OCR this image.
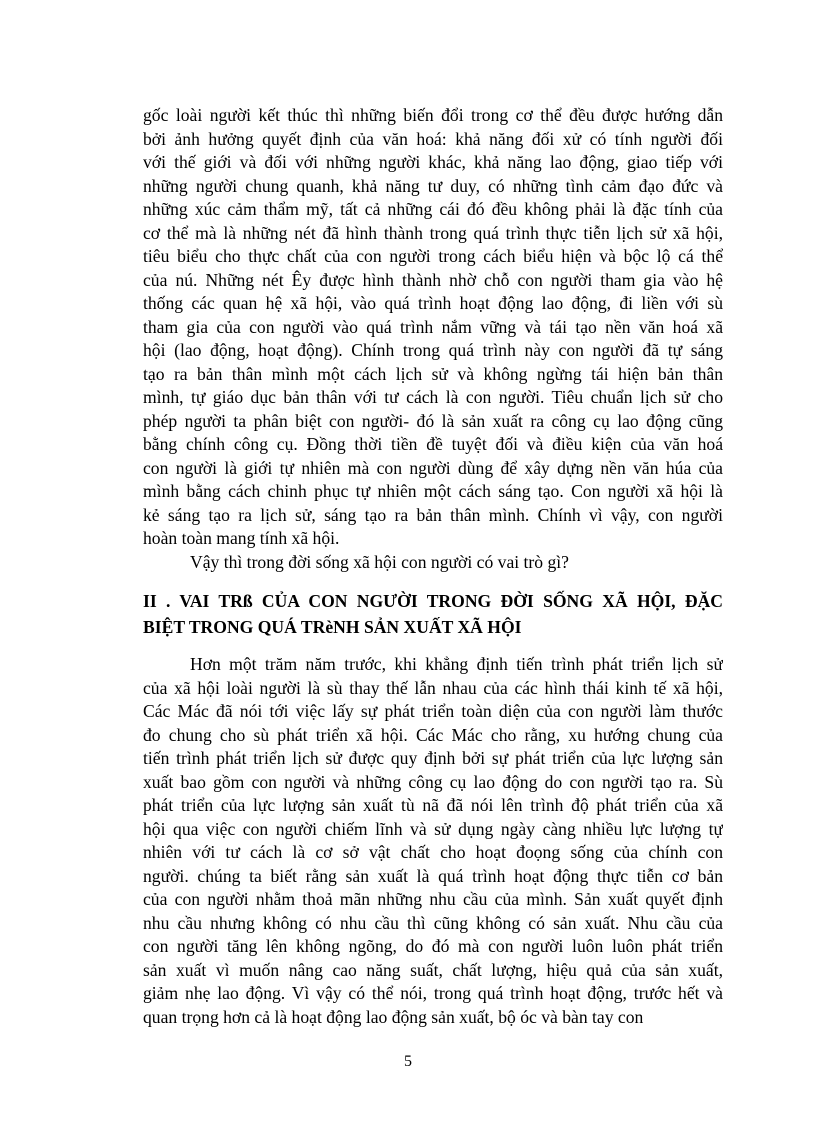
gốc loài người kết thúc thì những biến đổi trong cơ thể đều được hướng dẫn
bởi ảnh hưởng quyết định của văn hoá: khả năng đối xử có tính người đối
với thế giới và đối với những người khác, khả năng lao động, giao tiếp với
những người chung quanh, khả năng tư duy, có những tình cảm đạo đức và
những xúc cảm thẩm mỹ, tất cả những cái đó đều không phải là đặc tính của
cơ thể mà là những nét đã hình thành trong quá trình thực tiễn lịch sử xã hội,
tiêu biểu cho thực chất của con người trong cách biểu hiện và bộc lộ cá thể
của nú. Những nét Êy được hình thành nhờ chỗ con người tham gia vào hệ
thống các quan hệ xã hội, vào quá trình hoạt động lao động, đi liền với sù
tham gia của con người vào quá trình nắm vững và tái tạo nền văn hoá xã
hội (lao động, hoạt động). Chính trong quá trình này con người đã tự sáng
tạo ra bản thân mình một cách lịch sử và không ngừng tái hiện bản thân
mình, tự giáo dục bản thân với tư cách là con người. Tiêu chuẩn lịch sử cho
phép người ta phân biệt con người- đó là sản xuất ra công cụ lao động cũng
bằng chính công cụ. Đồng thời tiền đề tuyệt đối và điều kiện của văn hoá
con người là giới tự nhiên mà con người dùng để xây dựng nền văn húa của
mình bằng cách chinh phục tự nhiên một cách sáng tạo. Con người xã hội là
kẻ sáng tạo ra lịch sử, sáng tạo ra bản thân mình. Chính vì vậy, con người
hoàn toàn mang tính xã hội.
Vậy thì trong đời sống xã hội con người có vai trò gì?
II . VAI TRß CỦA CON NGƯỜI TRONG ĐỜI SỐNG XÃ HỘI, ĐẶC
BIỆT TRONG QUÁ TRèNH SẢN XUẤT XÃ HỘI
Hơn một trăm năm trước, khi khẳng định tiến trình phát triển lịch sử
của xã hội loài người là sù thay thế lẫn nhau của các hình thái kinh tế xã hội,
Các Mác đã nói tới việc lấy sự phát triển toàn diện của con người làm thước
đo chung cho sù phát triển xã hội. Các Mác cho rằng, xu hướng chung của
tiến trình phát triển lịch sử được quy định bởi sự phát triển của lực lượng sản
xuất bao gồm con người và những công cụ lao động do con người tạo ra. Sù
phát triển của lực lượng sản xuất tù nã đã nói lên trình độ phát triển của xã
hội qua việc con người chiếm lĩnh và sử dụng ngày càng nhiều lực lượng tự
nhiên với tư cách là cơ sở vật chất cho hoạt đoọng sống của chính con
người. chúng ta biết rằng sản xuất là quá trình hoạt động thực tiễn cơ bản
của con người nhằm thoả mãn những nhu cầu của mình. Sản xuất quyết định
nhu cầu nhưng không có nhu cầu thì cũng không có sản xuất. Nhu cầu của
con người tăng lên không ngõng, do đó mà con người luôn luôn phát triển
sản xuất vì muốn nâng cao năng suất, chất lượng, hiệu quả của sản xuất,
giảm nhẹ lao động. Vì vậy có thể nói, trong quá trình hoạt động, trước hết và
quan trọng hơn cả là hoạt động lao động sản xuất, bộ óc và bàn tay con
5
